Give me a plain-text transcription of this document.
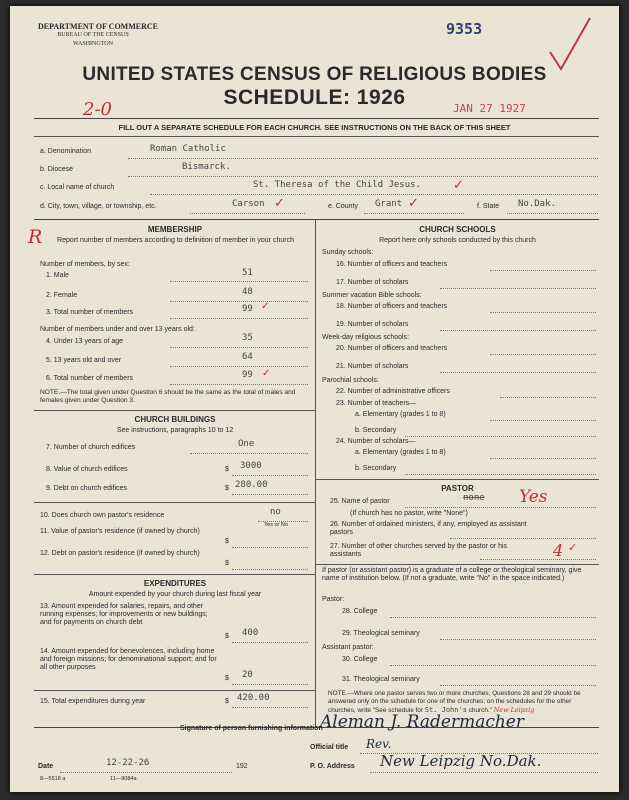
DEPARTMENT OF COMMERCE
BUREAU OF THE CENSUS
WASHINGTON
9353
UNITED STATES CENSUS OF RELIGIOUS BODIES
SCHEDULE: 1926
2-0	JAN 27 1927
FILL OUT A SEPARATE SCHEDULE FOR EACH CHURCH. SEE INSTRUCTIONS ON THE BACK OF THIS SHEET
a. Denomination	Roman Catholic
b. Diocese	Bismarck.
c. Local name of church	St. Theresa of the Child Jesus. ✓
d. City, town, village, or township, etc.	Carson ✓	e. County Grant ✓	f. State No.Dak.
R	MEMBERSHIP
Report number of members according to definition of member in your church
Number of members, by sex:
1. Male	51
2. Female	48
3. Total number of members	99 ✓
Number of members under and over 13 years old:
4. Under 13 years of age	35
5. 13 years old and over	64
6. Total number of members	99 ✓
NOTE.—The total given under Question 6 should be the same as the total of males and females given under Question 3.
CHURCH BUILDINGS
See instructions, paragraphs 10 to 12
7. Number of church edifices	One
8. Value of church edifices	$ 3000
9. Debt on church edifices	$ 280.00
10. Does church own pastor's residence	no
Yes or No
11. Value of pastor's residence (if owned by church)
$
12. Debt on pastor's residence (if owned by church)
$
EXPENDITURES
Amount expended by your church during last fiscal year
13. Amount expended for salaries, repairs, and other running expenses; for improvements or new buildings; and for payments on church debt
$ 400
14. Amount expended for benevolences, including home and foreign missions; for denominational support; and for all other purposes
$ 20
15. Total expenditures during year	$ 420.00
CHURCH SCHOOLS
Report here only schools conducted by this church
Sunday schools:
16. Number of officers and teachers
17. Number of scholars
Summer vacation Bible schools:
18. Number of officers and teachers
19. Number of scholars
Week-day religious schools:
20. Number of officers and teachers
21. Number of scholars
Parochial schools:
22. Number of administrative officers
23. Number of teachers—
a. Elementary (grades 1 to 8)
b. Secondary
24. Number of scholars—
a. Elementary (grades 1 to 8)
b. Secondary
PASTOR
25. Name of pastor	none Yes
(If church has no pastor, write "None")
26. Number of ordained ministers, if any, employed as assistant pastors
27. Number of other churches served by the pastor or his assistants	4 ✓
If pastor (or assistant pastor) is a graduate of a college or theological seminary, give name of institution below. (If not a graduate, write "No" in the space indicated.)
Pastor:
28. College
29. Theological seminary
Assistant pastor:
30. College
31. Theological seminary
NOTE.—Where one pastor serves two or more churches, Questions 28 and 29 should be answered only on the schedule for one of the churches; on the schedules for the other churches, write "See schedule for St. John's church." New Leipzig
Signature of person furnishing information
Aleman J. Radermacher
Official title Rev.
Date	12-22-26	192	P. O. Address New Leipzig No.Dak.
8—5518 a	11—9084a
